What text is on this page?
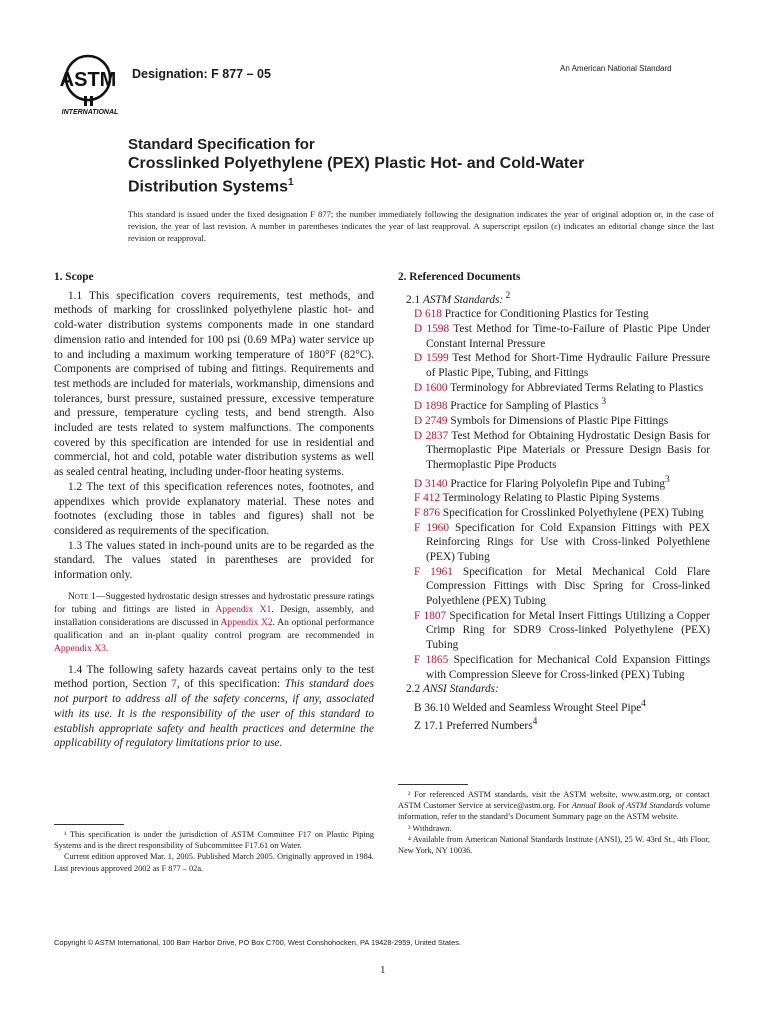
ASTM
INTERNATIONAL
Designation: F 877 – 05	An American National Standard
Standard Specification for
Crosslinked Polyethylene (PEX) Plastic Hot- and Cold-Water
Distribution Systems$^1$
This standard is issued under the fixed designation F 877; the number immediately following the designation indicates the year of original adoption or, in the case of revision, the year of last revision. A number in parentheses indicates the year of last reapproval. A superscript epsilon (ε) indicates an editorial change since the last revision or reapproval.

1. Scope

1.1 This specification covers requirements, test methods, and methods of marking for crosslinked polyethylene plastic hot- and cold-water distribution systems components made in one standard dimension ratio and intended for 100 psi (0.69 MPa) water service up to and including a maximum working temperature of 180°F (82°C). Components are comprised of tubing and fittings. Requirements and test methods are included for materials, workmanship, dimensions and tolerances, burst pressure, sustained pressure, excessive temperature and pressure, temperature cycling tests, and bend strength. Also included are tests related to system malfunctions. The components covered by this specification are intended for use in residential and commercial, hot and cold, potable water distribution systems as well as sealed central heating, including under-floor heating systems.

1.2 The text of this specification references notes, footnotes, and appendixes which provide explanatory material. These notes and footnotes (excluding those in tables and figures) shall not be considered as requirements of the specification.

1.3 The values stated in inch-pound units are to be regarded as the standard. The values stated in parentheses are provided for information only.

Note 1—Suggested hydrostatic design stresses and hydrostatic pressure ratings for tubing and fittings are listed in Appendix X1. Design, assembly, and installation considerations are discussed in Appendix X2. An optional performance qualification and an in-plant quality control program are recommended in Appendix X3.

1.4 The following safety hazards caveat pertains only to the test method portion, Section 7, of this specification: This standard does not purport to address all of the safety concerns, if any, associated with its use. It is the responsibility of the user of this standard to establish appropriate safety and health practices and determine the applicability of regulatory limitations prior to use.

2. Referenced Documents

2.1 ASTM Standards: $^2$

D 618 Practice for Conditioning Plastics for Testing

D 1598 Test Method for Time-to-Failure of Plastic Pipe Under Constant Internal Pressure

D 1599 Test Method for Short-Time Hydraulic Failure Pressure of Plastic Pipe, Tubing, and Fittings

D 1600 Terminology for Abbreviated Terms Relating to Plastics

D 1898 Practice for Sampling of Plastics $^3$

D 2749 Symbols for Dimensions of Plastic Pipe Fittings

D 2837 Test Method for Obtaining Hydrostatic Design Basis for Thermoplastic Pipe Materials or Pressure Design Basis for Thermoplastic Pipe Products

D 3140 Practice for Flaring Polyolefin Pipe and Tubing$^3$

F 412 Terminology Relating to Plastic Piping Systems

F 876 Specification for Crosslinked Polyethylene (PEX) Tubing

F 1960 Specification for Cold Expansion Fittings with PEX Reinforcing Rings for Use with Cross-linked Polyethlene (PEX) Tubing

F 1961 Specification for Metal Mechanical Cold Flare Compression Fittings with Disc Spring for Cross-linked Polyethlene (PEX) Tubing

F 1807 Specification for Metal Insert Fittings Utilizing a Copper Crimp Ring for SDR9 Cross-linked Polyethylene (PEX) Tubing

F 1865 Specification for Mechanical Cold Expansion Fittings with Compression Sleeve for Cross-linked (PEX) Tubing

2.2 ANSI Standards:

B 36.10 Welded and Seamless Wrought Steel Pipe$^4$

Z 17.1 Preferred Numbers$^4$

¹ This specification is under the jurisdiction of ASTM Committee F17 on Plastic Piping Systems and is the direct responsibility of Subcommittee F17.61 on Water.

Current edition approved Mar. 1, 2005. Published March 2005. Originally approved in 1984. Last previous approved 2002 as F 877 – 02a.

² For referenced ASTM standards, visit the ASTM website, www.astm.org, or contact ASTM Customer Service at service@astm.org. For Annual Book of ASTM Standards volume information, refer to the standard’s Document Summary page on the ASTM website.

³ Withdrawn.

⁴ Available from American National Standards Institute (ANSI), 25 W. 43rd St., 4th Floor, New York, NY 10036.

Copyright © ASTM International, 100 Barr Harbor Drive, PO Box C700, West Conshohocken, PA 19428-2959, United States.
1
